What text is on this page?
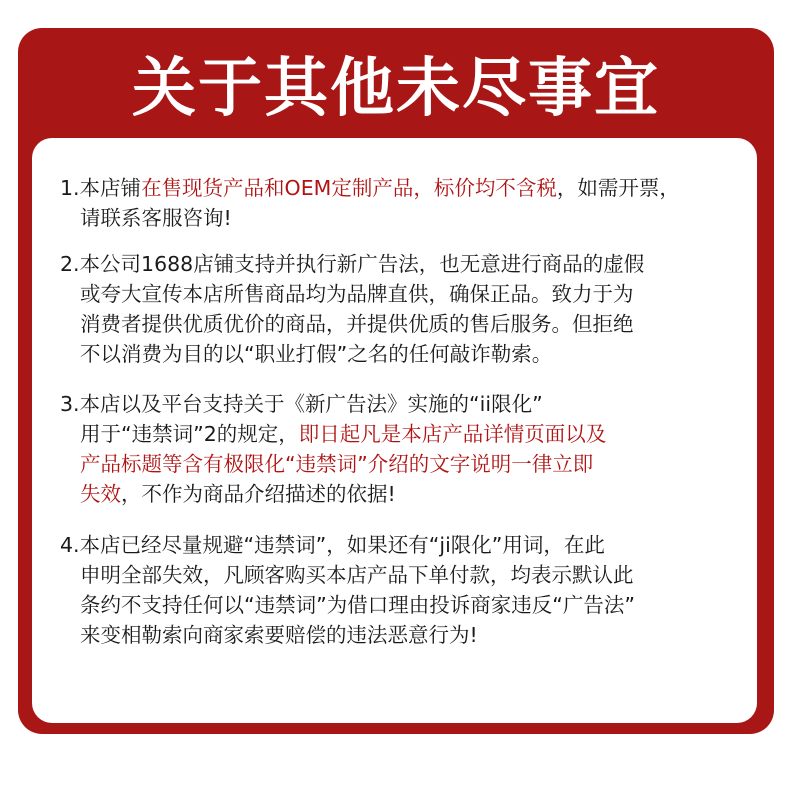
关于其他未尽事宜
1.本店铺在售现货产品和OEM定制产品，标价均不含税，如需开票，
请联系客服咨询!
2.本公司1688店铺支持并执行新广告法，也无意进行商品的虚假
或夸大宣传本店所售商品均为品牌直供，确保正品。致力于为
消费者提供优质优价的商品，并提供优质的售后服务。但拒绝
不以消费为目的以“职业打假”之名的任何敲诈勒索。
3.本店以及平台支持关于《新广告法》实施的“ii限化”
用于“违禁词”2的规定，即日起凡是本店产品详情页面以及
产品标题等含有极限化“违禁词”介绍的文字说明一律立即
失效，不作为商品介绍描述的依据!
4.本店已经尽量规避“违禁词”，如果还有“ji限化”用词，在此
申明全部失效，凡顾客购买本店产品下单付款，均表示默认此
条约不支持任何以“违禁词”为借口理由投诉商家违反“广告法”
来变相勒索向商家索要赔偿的违法恶意行为!
